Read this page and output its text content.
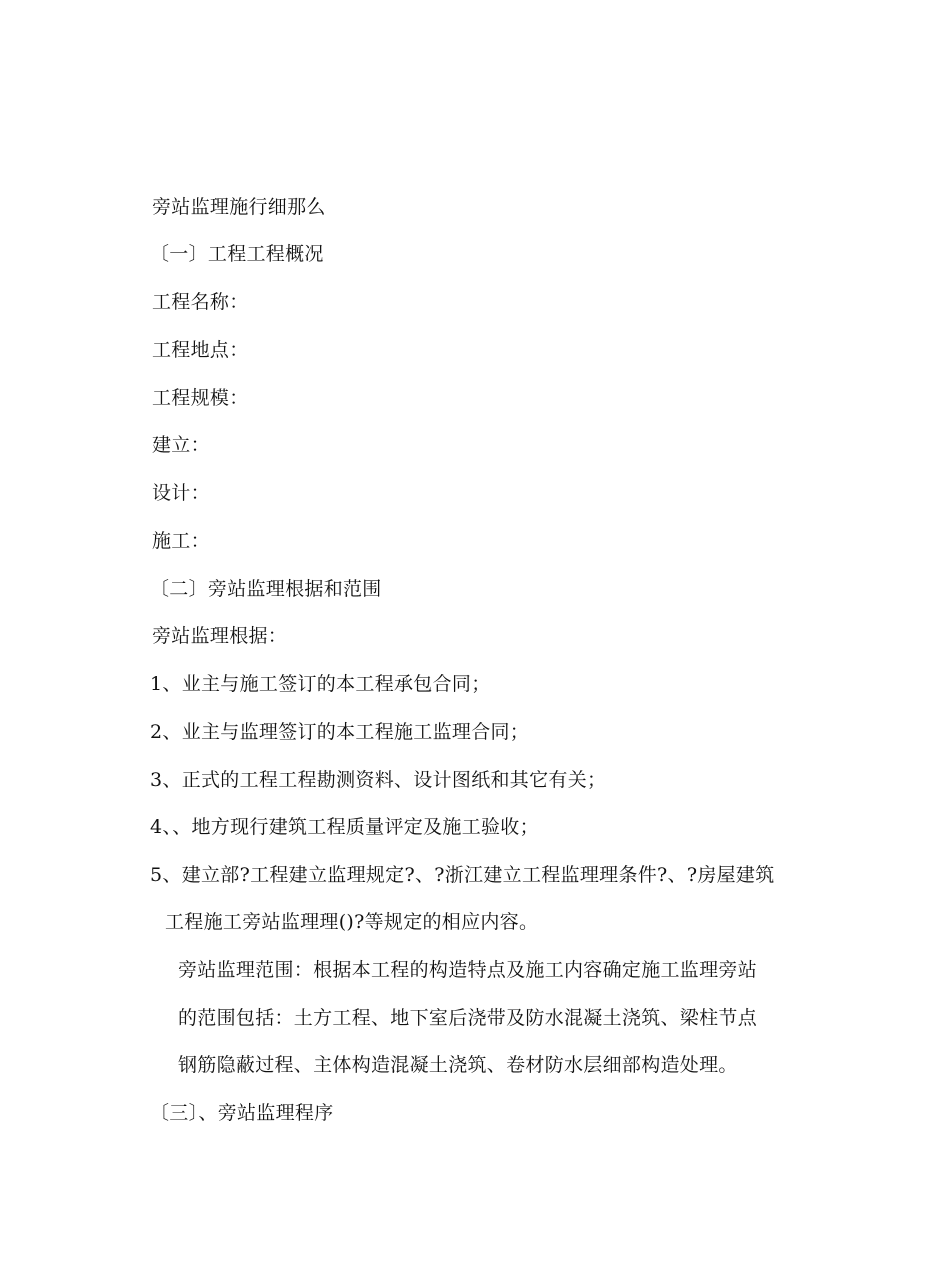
旁站监理施行细那么
〔一〕工程工程概况
工程名称：
工程地点：
工程规模：
建立：
设计：
施工：
〔二〕旁站监理根据和范围
旁站监理根据：
1、业主与施工签订的本工程承包合同；
2、业主与监理签订的本工程施工监理合同；
3、正式的工程工程勘测资料、设计图纸和其它有关；
4、、地方现行建筑工程质量评定及施工验收；
5、建立部?工程建立监理规定?、?浙江建立工程监理理条件?、?房屋建筑
工程施工旁站监理理()?等规定的相应内容。
旁站监理范围：根据本工程的构造特点及施工内容确定施工监理旁站
的范围包括：土方工程、地下室后浇带及防水混凝土浇筑、梁柱节点
钢筋隐蔽过程、主体构造混凝土浇筑、卷材防水层细部构造处理。
〔三〕、旁站监理程序
